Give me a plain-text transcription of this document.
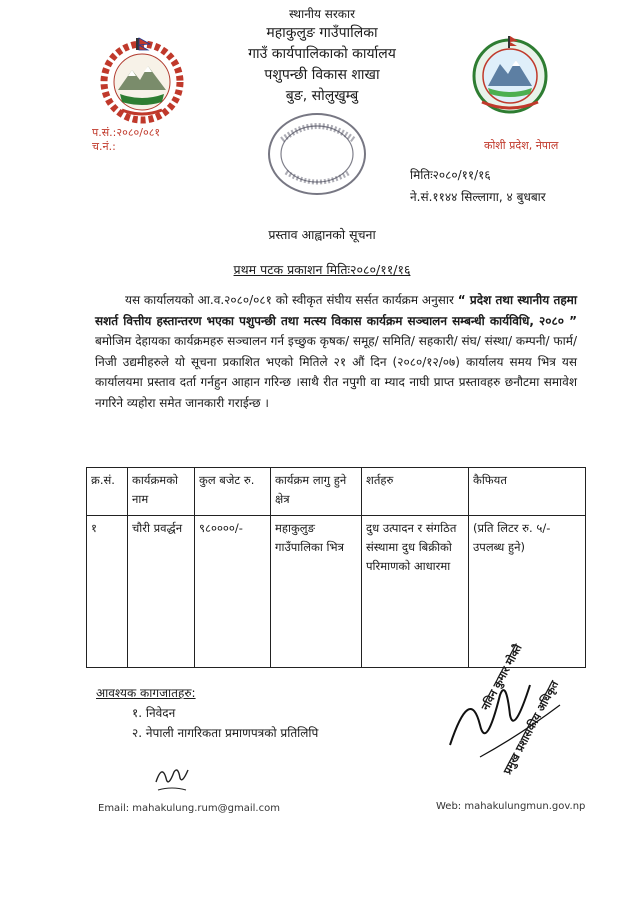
प.सं.:२०८०/०८१
च.नं.:
स्थानीय सरकार
महाकुलुङ गाउँपालिका
गाउँ कार्यपालिकाको कार्यालय
पशुपन्छी विकास शाखा
बुङ, सोलुखुम्बु
कोशी प्रदेश, नेपाल
मितिः२०८०/११/१६
ने.सं.११४४ सिल्लागा, ४ बुधबार
प्रस्ताव आह्वानको सूचना
प्रथम पटक प्रकाशन मितिः२०८०/११/१६
यस कार्यालयको आ.व.२०८०/०८१ को स्वीकृत संघीय सर्सत कार्यक्रम अनुसार “ प्रदेश तथा स्थानीय तहमा सशर्त वित्तीय हस्तान्तरण भएका पशुपन्छी तथा मत्स्य विकास कार्यक्रम सञ्चालन सम्बन्धी कार्यविधि, २०८० ” बमोजिम देहायका कार्यक्रमहरु सञ्चालन गर्न इच्छुक कृषक/ समूह/ समिति/ सहकारी/ संघ/ संस्था/ कम्पनी/ फार्म/ निजी उद्यमीहरुले यो सूचना प्रकाशित भएको मितिले २१ औं दिन (२०८०/१२/०७) कार्यालय समय भित्र यस कार्यालयमा प्रस्ताव दर्ता गर्नहुन आहान गरिन्छ ।साथै रीत नपुगी वा म्याद नाघी प्राप्त प्रस्तावहरु छनौटमा समावेश नगरिने व्यहोरा समेत जानकारी गराईन्छ ।
क्र.सं.	कार्यक्रमको नाम	कुल बजेट रु.	कार्यक्रम लागु हुने क्षेत्र	शर्तहरु	कैफियत
१	चौरी प्रवर्द्धन	९८००००/-	महाकुलुङ गाउँपालिका भित्र	दुध उत्पादन र संगठित संस्थामा दुध बिक्रीको परिमाणको आधारमा	(प्रति लिटर रु. ५/- उपलब्ध हुने)
आवश्यक कागजातहरु:
१. निवेदन
२. नेपाली नागरिकता प्रमाणपत्रको प्रतिलिपि
नविन कुमार मोक्तै
प्रमुख प्रशासकीय अधिकृत
Email: mahakulung.rum@gmail.com	Web: mahakulungmun.gov.np
